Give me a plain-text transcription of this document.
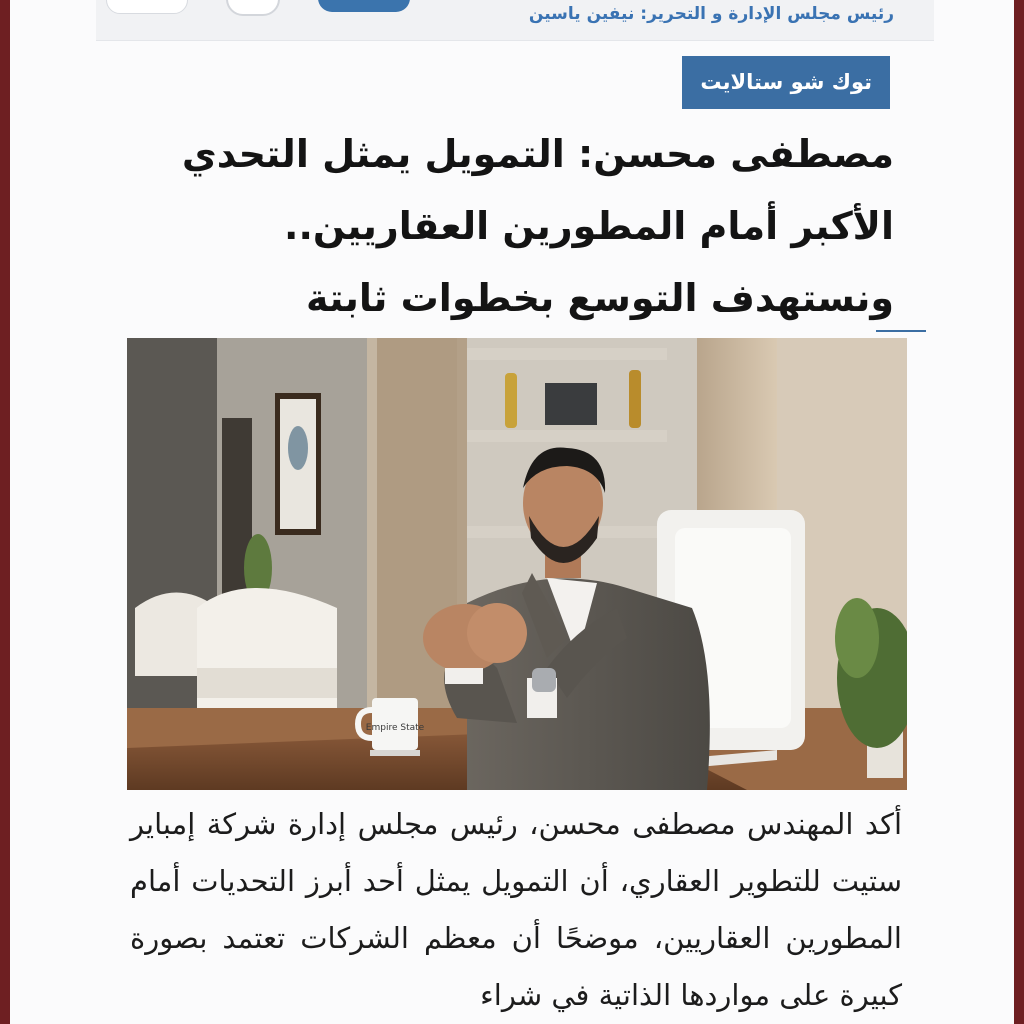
رئيس مجلس الإدارة و التحرير: نيفين ياسين
توك شو ستالايت
مصطفى محسن: التمويل يمثل التحدي الأكبر أمام المطورين العقاريين.. ونستهدف التوسع بخطوات ثابتة
Empire State

أكد المهندس مصطفى محسن، رئيس مجلس إدارة شركة إمباير ستيت للتطوير العقاري، أن التمويل يمثل أحد أبرز التحديات أمام المطورين العقاريين، موضحًا أن معظم الشركات تعتمد بصورة كبيرة على مواردها الذاتية في شراء
